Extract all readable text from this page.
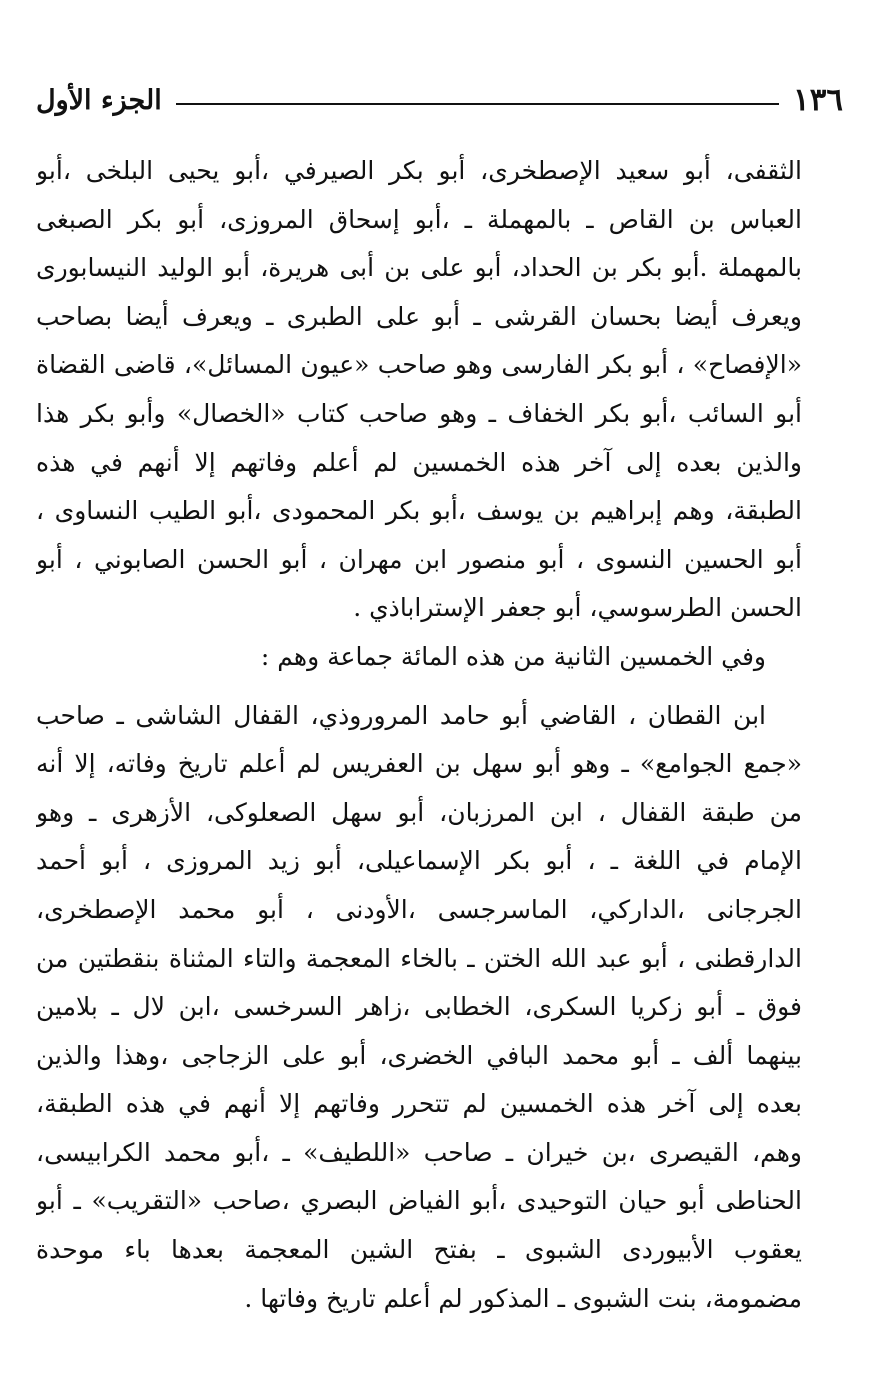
١٣٦
الجزء الأول
الثقفى، أبو سعيد الإصطخرى، أبو بكر الصيرفي ،أبو يحيى البلخى ،أبو
العباس بن القاص ـ بالمهملة ـ ،أبو إسحاق المروزى، أبو بكر الصبغى
بالمهملة .أبو بكر بن الحداد، أبو على بن أبى هريرة، أبو الوليد النيسابورى
ويعرف أيضا بحسان القرشى ـ أبو على الطبرى ـ ويعرف أيضا بصاحب
«الإفصاح» ، أبو بكر الفارسى وهو صاحب «عيون المسائل»، قاضى القضاة
أبو السائب ،أبو بكر الخفاف ـ وهو صاحب كتاب «الخصال» وأبو بكر هذا
والذين بعده إلى آخر هذه الخمسين لم أعلم وفاتهم إلا أنهم في هذه
الطبقة، وهم إبراهيم بن يوسف ،أبو بكر المحمودى ،أبو الطيب النساوى ،
أبو الحسين النسوى ، أبو منصور ابن مهران ، أبو الحسن الصابوني ، أبو
الحسن الطرسوسي، أبو جعفر الإستراباذي .
وفي الخمسين الثانية من هذه المائة جماعة وهم :
ابن القطان ، القاضي أبو حامد المروروذي، القفال الشاشى ـ صاحب
«جمع الجوامع» ـ وهو أبو سهل بن العفريس لم أعلم تاريخ وفاته، إلا أنه
من طبقة القفال ، ابن المرزبان، أبو سهل الصعلوكى، الأزهرى ـ وهو
الإمام في اللغة ـ ، أبو بكر الإسماعيلى، أبو زيد المروزى ، أبو أحمد
الجرجانى ،الداركي، الماسرجسى ،الأودنى ، أبو محمد الإصطخرى،
الدارقطنى ، أبو عبد الله الختن ـ بالخاء المعجمة والتاء المثناة بنقطتين من
فوق ـ أبو زكريا السكرى، الخطابى ،زاهر السرخسى ،ابن لال ـ بلامين
بينهما ألف ـ أبو محمد البافي الخضرى، أبو على الزجاجى ،وهذا والذين
بعده إلى آخر هذه الخمسين لم تتحرر وفاتهم إلا أنهم في هذه الطبقة،
وهم، القيصرى ،بن خيران ـ صاحب «اللطيف» ـ ،أبو محمد الكرابيسى،
الحناطى أبو حيان التوحيدى ،أبو الفياض البصري ،صاحب «التقريب» ـ أبو
يعقوب الأبيوردى الشبوى ـ بفتح الشين المعجمة بعدها باء موحدة
مضمومة، بنت الشبوى ـ المذكور لم أعلم تاريخ وفاتها .
